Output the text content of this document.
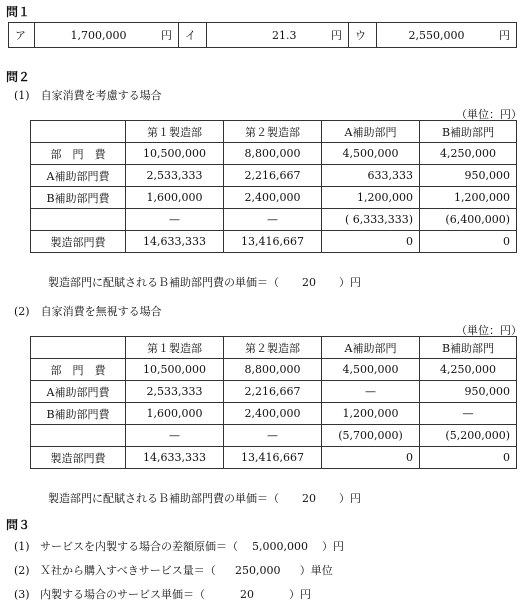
問１
ア	1,700,000	円	イ	21.3	円	ウ	2,550,000	円
問２
(1)　自家消費を考慮する場合
（単位：円）
	第１製造部	第２製造部	A補助部門	B補助部門
部　門　費	10,500,000	8,800,000	4,500,000	4,250,000
A補助部門費	2,533,333	2,216,667	633,333	950,000
B補助部門費	1,600,000	2,400,000	1,200,000	1,200,000
	—	—	( 6,333,333)	(6,400,000)
製造部門費	14,633,333	13,416,667	0	0
製造部門に配賦されるＢ補助部門費の単価＝（ 20 ）円
(2)　自家消費を無視する場合
（単位：円）
	第１製造部	第２製造部	A補助部門	B補助部門
部　門　費	10,500,000	8,800,000	4,500,000	4,250,000
A補助部門費	2,533,333	2,216,667	—	950,000
B補助部門費	1,600,000	2,400,000	1,200,000	—
	—	—	(5,700,000)	(5,200,000)
製造部門費	14,633,333	13,416,667	0	0
製造部門に配賦されるＢ補助部門費の単価＝（ 20 ）円
問３
(1) サービスを内製する場合の差額原価＝（ 5,000,000 ）円
(2) Ｘ社から購入すべきサービス量＝（ 250,000 ）単位
(3) 内製する場合のサービス単価＝（	20	）円
